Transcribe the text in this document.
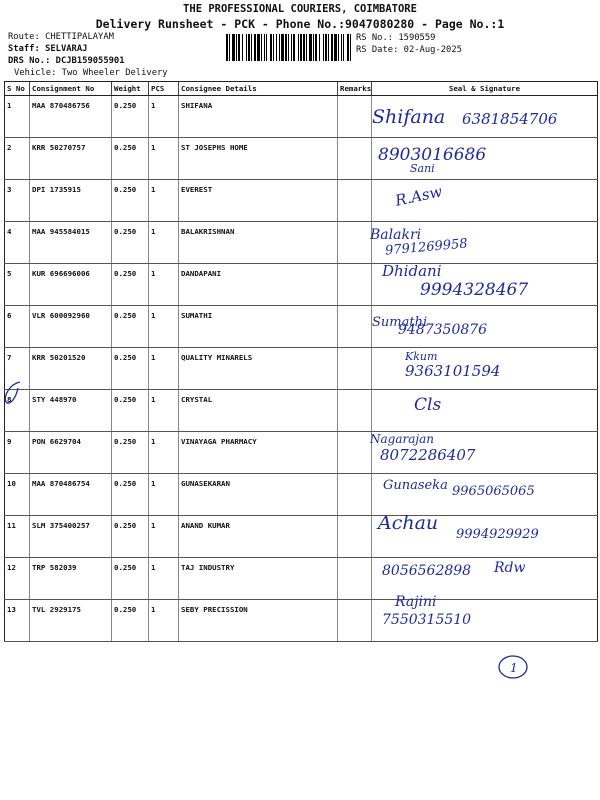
THE PROFESSIONAL COURIERS, COIMBATORE
Delivery Runsheet - PCK - Phone No.:9047080280 - Page No.:1
Route: CHETTIPALAYAM
Staff: SELVARAJ
DRS No.: DCJB159055901
Vehicle: Two Wheeler Delivery
RS No.: 1590559
RS Date: 02-Aug-2025
S No	Consignment No	Weight	PCS	Consignee Details	Remarks	Seal & Signature
1	MAA 870486756	0.250	1	SHIFANA		
2	KRR 50270757	0.250	1	ST JOSEPHS HOME		
3	DPI 1735915	0.250	1	EVEREST		
4	MAA 945584015	0.250	1	BALAKRISHNAN		
5	KUR 696696006	0.250	1	DANDAPANI		
6	VLR 600092960	0.250	1	SUMATHI		
7	KRR 50201520	0.250	1	QUALITY MINARELS		
8	STY 448970	0.250	1	CRYSTAL		
9	PON 6629704	0.250	1	VINAYAGA PHARMACY		
10	MAA 870486754	0.250	1	GUNASEKARAN		
11	SLM 375400257	0.250	1	ANAND KUMAR		
12	TRP 582039	0.250	1	TAJ INDUSTRY		
13	TVL 2929175	0.250	1	SEBY PRECISSION		
Shifana 6381854706
8903016686
Sani
R.Asw
Balakri
9791269958
Dhidani
9994328467
Sumathi
9487350876
Kkum
9363101594
Cls
Nagarajan
8072286407
Gunaseka 9965065065
Achau
9994929929
8056562898 Rdw
Rajini
7550315510
1
